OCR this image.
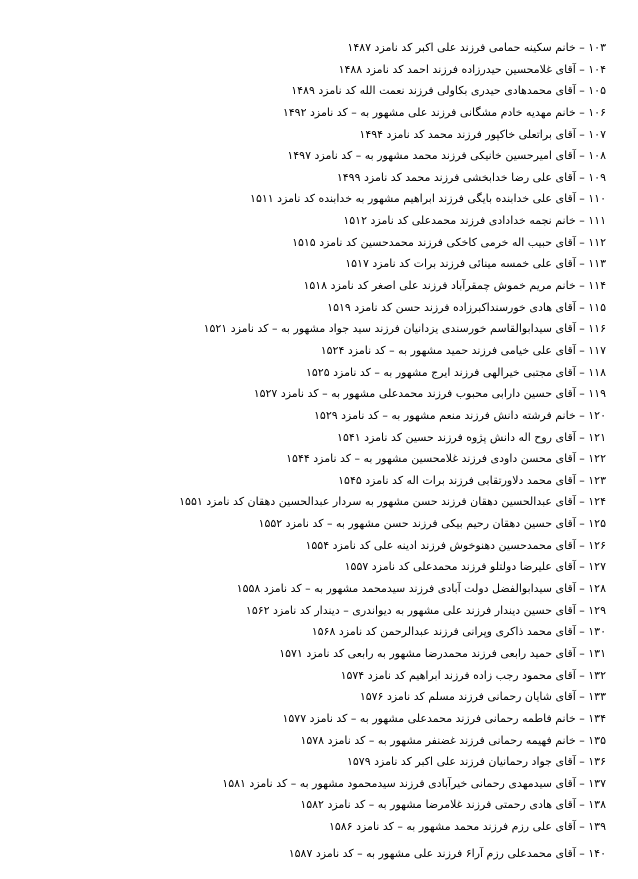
۱۰۳ – خانم سکینه حمامی فرزند علی اکبر کد نامزد ۱۴۸۷
۱۰۴ – آقای غلامحسین حیدرزاده فرزند احمد کد نامزد ۱۴۸۸
۱۰۵ – آقای محمدهادی حیدری بکاولی فرزند نعمت الله کد نامزد ۱۴۸۹
۱۰۶ – خانم مهدیه خادم مشگانی فرزند علی مشهور به – کد نامزد ۱۴۹۲
۱۰۷ – آقای براتعلی خاکپور فرزند محمد کد نامزد ۱۴۹۴
۱۰۸ – آقای امیرحسین خانیکی فرزند محمد مشهور به – کد نامزد ۱۴۹۷
۱۰۹ – آقای علی رضا خدابخشی فرزند محمد کد نامزد ۱۴۹۹
۱۱۰ – آقای علی خدابنده بایگی فرزند ابراهیم مشهور به خدابنده کد نامزد ۱۵۱۱
۱۱۱ – خانم نجمه خدادادی فرزند محمدعلی کد نامزد ۱۵۱۲
۱۱۲ – آقای حبیب اله خرمی کاخکی فرزند محمدحسین کد نامزد ۱۵۱۵
۱۱۳ – آقای علی خمسه مینائی فرزند برات کد نامزد ۱۵۱۷
۱۱۴ – خانم مریم خموش چمقرآباد فرزند علی اصغر کد نامزد ۱۵۱۸
۱۱۵ – آقای هادی خورسنداکبرزاده فرزند حسن کد نامزد ۱۵۱۹
۱۱۶ – آقای سیدابوالقاسم خورسندی یزدانیان فرزند سید جواد مشهور به – کد نامزد ۱۵۲۱
۱۱۷ – آقای علی خیامی فرزند حمید مشهور به – کد نامزد ۱۵۲۴
۱۱۸ – آقای مجتبی خیرالهی فرزند ایرج مشهور به – کد نامزد ۱۵۲۵
۱۱۹ – آقای حسین دارابی محبوب فرزند محمدعلی مشهور به – کد نامزد ۱۵۲۷
۱۲۰ – خانم فرشته دانش فرزند منعم مشهور به – کد نامزد ۱۵۲۹
۱۲۱ – آقای روح اله دانش پژوه فرزند حسین کد نامزد ۱۵۴۱
۱۲۲ – آقای محسن داودی فرزند غلامحسین مشهور به – کد نامزد ۱۵۴۴
۱۲۳ – آقای محمد دلاورتقابی فرزند برات اله کد نامزد ۱۵۴۵
۱۲۴ – آقای عبدالحسین دهقان فرزند حسن مشهور به سردار عبدالحسین دهقان کد نامزد ۱۵۵۱
۱۲۵ – آقای حسین دهقان رحیم بیکی فرزند حسن مشهور به – کد نامزد ۱۵۵۲
۱۲۶ – آقای محمدحسین دهنوخوش فرزند ادینه علی کد نامزد ۱۵۵۴
۱۲۷ – آقای علیرضا دولتلو فرزند محمدعلی کد نامزد ۱۵۵۷
۱۲۸ – آقای سیدابوالفضل دولت آبادی فرزند سیدمحمد مشهور به – کد نامزد ۱۵۵۸
۱۲۹ – آقای حسین دیندار فرزند علی مشهور به دیواندری – دیندار کد نامزد ۱۵۶۲
۱۳۰ – آقای محمد ذاکری وپرانی فرزند عبدالرحمن کد نامزد ۱۵۶۸
۱۳۱ – آقای حمید رابعی فرزند محمدرضا مشهور به رابعی کد نامزد ۱۵۷۱
۱۳۲ – آقای محمود رجب زاده فرزند ابراهیم کد نامزد ۱۵۷۴
۱۳۳ – آقای شایان رحمانی فرزند مسلم کد نامزد ۱۵۷۶
۱۳۴ – خانم فاطمه رحمانی فرزند محمدعلی مشهور به – کد نامزد ۱۵۷۷
۱۳۵ – خانم فهیمه رحمانی فرزند غضنفر مشهور به – کد نامزد ۱۵۷۸
۱۳۶ – آقای جواد رحمانیان فرزند علی اکبر کد نامزد ۱۵۷۹
۱۳۷ – آقای سیدمهدی رحمانی خیرآبادی فرزند سیدمحمود مشهور به – کد نامزد ۱۵۸۱
۱۳۸ – آقای هادی رحمتی فرزند غلامرضا مشهور به – کد نامزد ۱۵۸۲
۱۳۹ – آقای علی رزم فرزند محمد مشهور به – کد نامزد ۱۵۸۶
۱۴۰ – آقای محمدعلی رزم آرا۶ فرزند علی مشهور به – کد نامزد ۱۵۸۷
